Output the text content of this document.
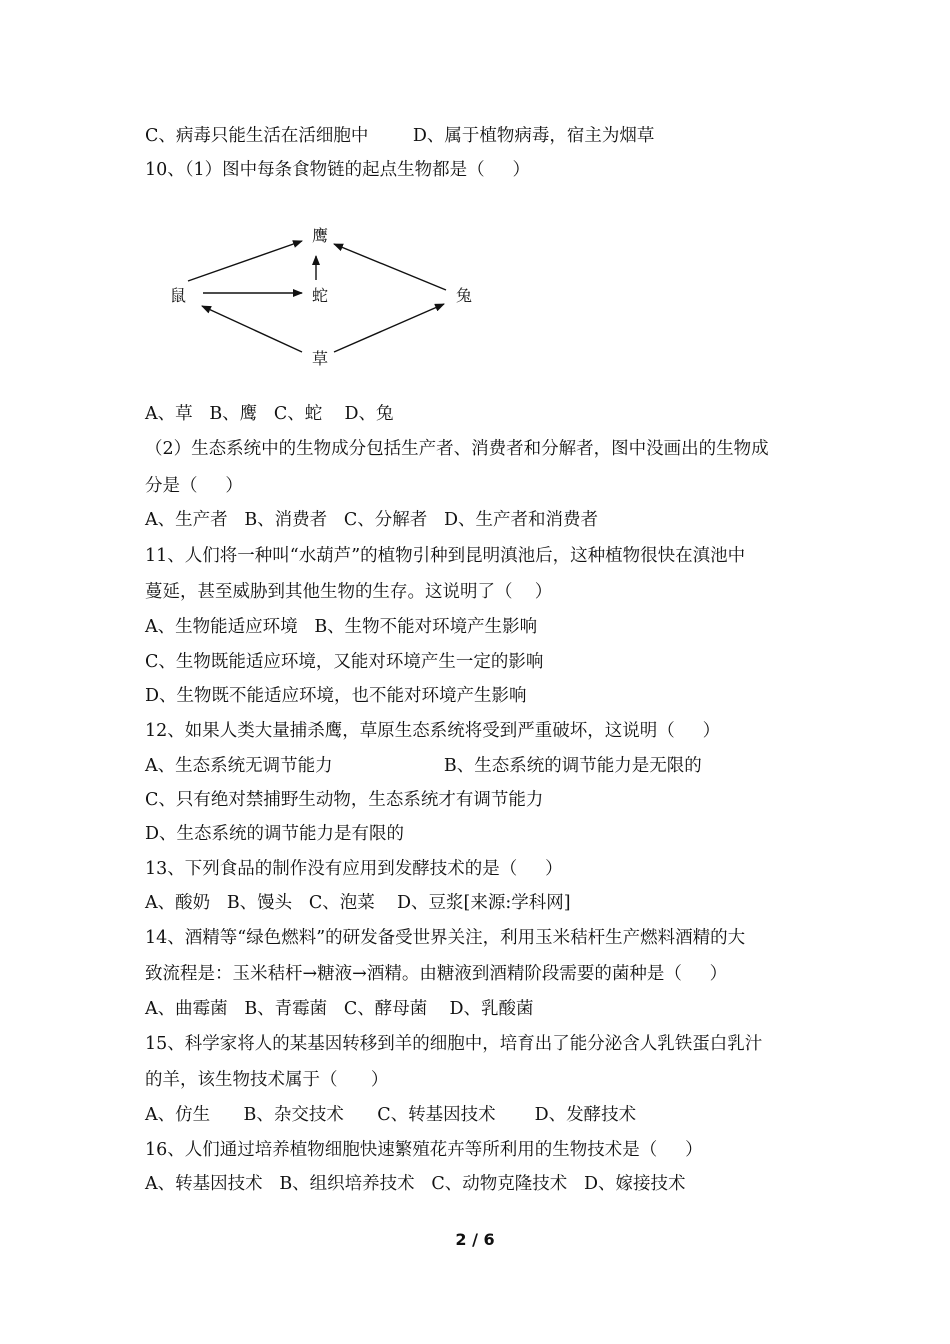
C、病毒只能生活在活细胞中        D、属于植物病毒，宿主为烟草
10、（1）图中每条食物链的起点生物都是（     ）
A、草   B、鹰   C、蛇    D、兔
（2）生态系统中的生物成分包括生产者、消费者和分解者，图中没画出的生物成
分是（     ）
A、生产者   B、消费者   C、分解者   D、生产者和消费者
11、人们将一种叫“水葫芦”的植物引种到昆明滇池后，这种植物很快在滇池中
蔓延，甚至威胁到其他生物的生存。这说明了（    ）
A、生物能适应环境   B、生物不能对环境产生影响
C、生物既能适应环境，又能对环境产生一定的影响
D、生物既不能适应环境，也不能对环境产生影响
12、如果人类大量捕杀鹰，草原生态系统将受到严重破坏，这说明（     ）
A、生态系统无调节能力                    B、生态系统的调节能力是无限的
C、只有绝对禁捕野生动物，生态系统才有调节能力
D、生态系统的调节能力是有限的
13、下列食品的制作没有应用到发酵技术的是（     ）
A、酸奶   B、馒头   C、泡菜    D、豆浆[来源:学科网]
14、酒精等“绿色燃料”的研发备受世界关注，利用玉米秸杆生产燃料酒精的大
致流程是：玉米秸杆→糖液→酒精。由糖液到酒精阶段需要的菌种是（     ）
A、曲霉菌   B、青霉菌   C、酵母菌    D、乳酸菌
15、科学家将人的某基因转移到羊的细胞中，培育出了能分泌含人乳铁蛋白乳汁
的羊，该生物技术属于（      ）
A、仿生      B、杂交技术      C、转基因技术       D、发酵技术
16、人们通过培养植物细胞快速繁殖花卉等所利用的生物技术是（     ）
A、转基因技术   B、组织培养技术   C、动物克隆技术   D、嫁接技术
鹰
鼠	蛇	兔
草
2 / 6
